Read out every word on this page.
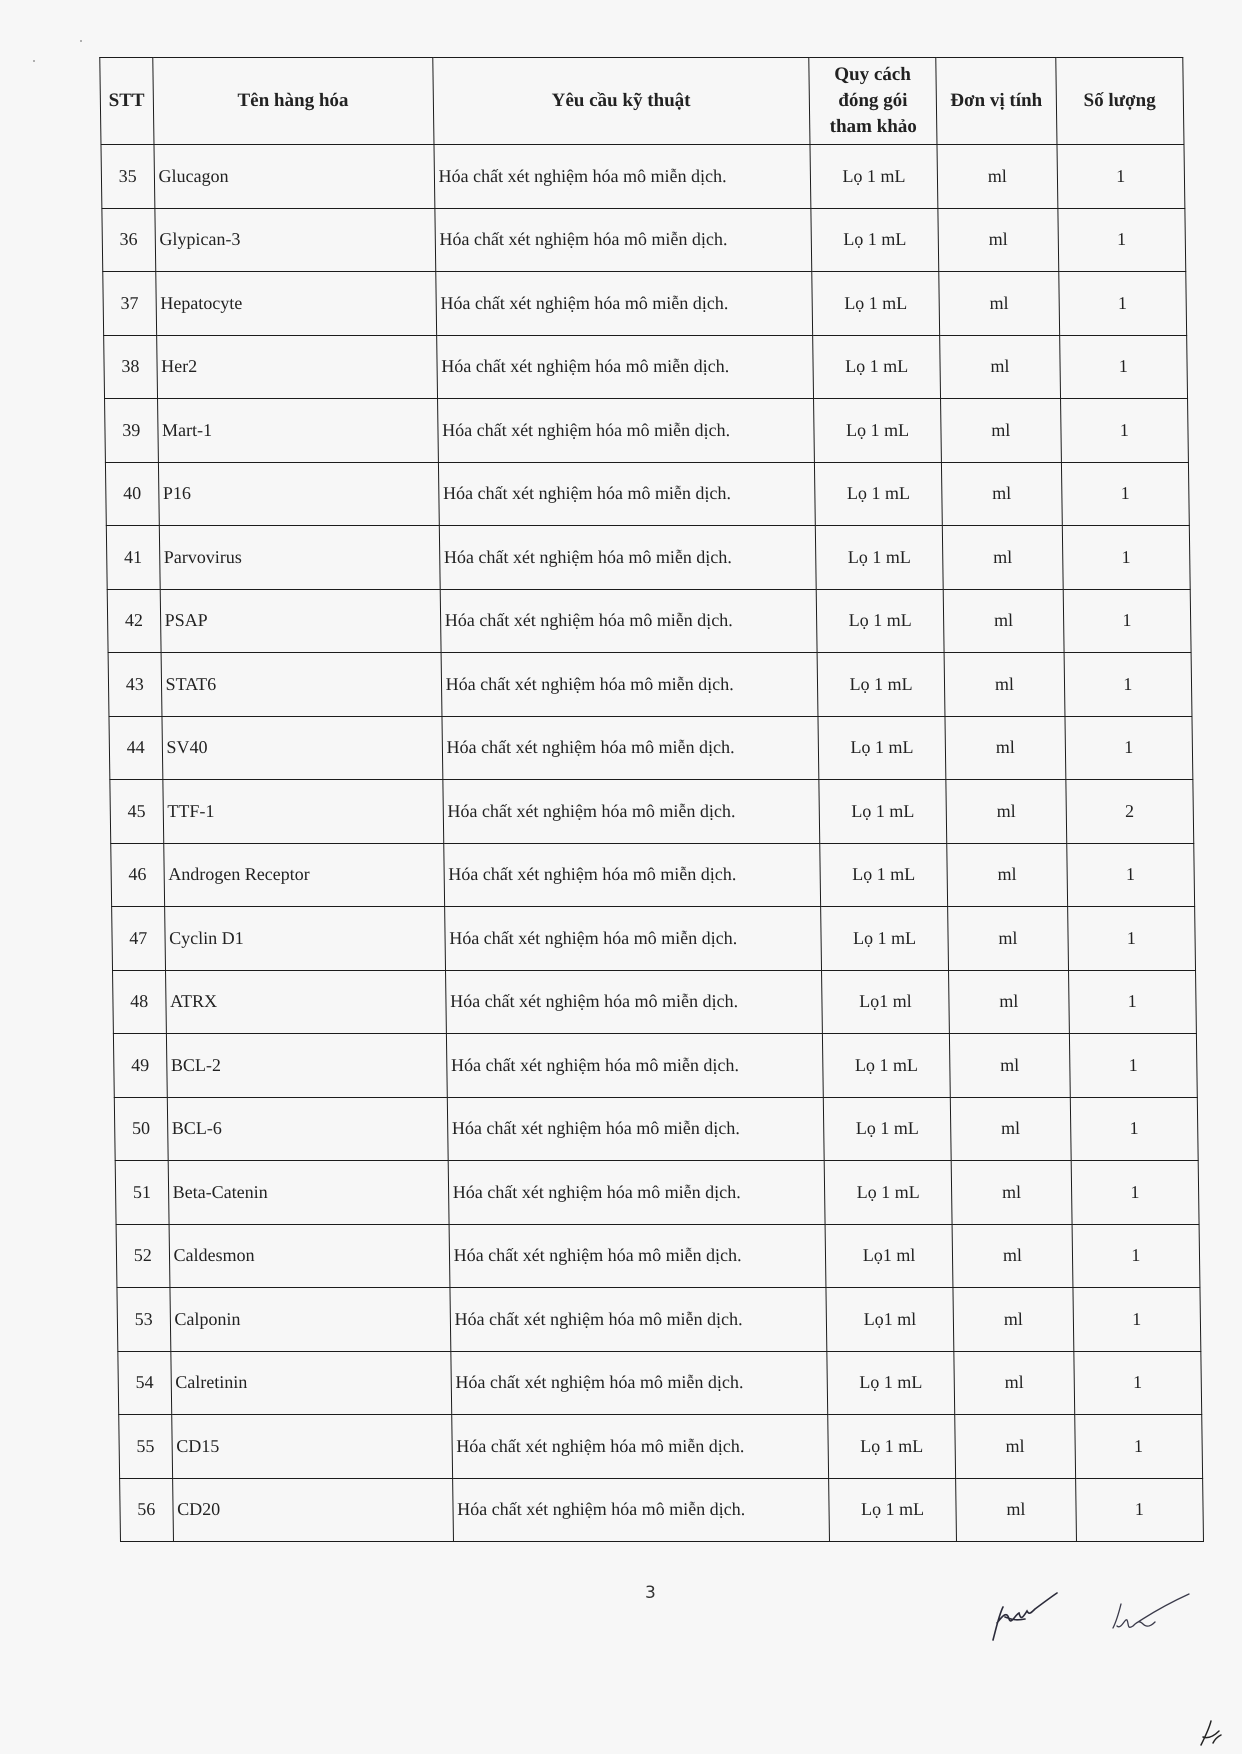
STT	Tên hàng hóa	Yêu cầu kỹ thuật	Quy cách
đóng gói
tham khảo	Đơn vị tính	Số lượng
35	Glucagon	Hóa chất xét nghiệm hóa mô miễn dịch.	Lọ 1 mL	ml	1
36	Glypican-3	Hóa chất xét nghiệm hóa mô miễn dịch.	Lọ 1 mL	ml	1
37	Hepatocyte	Hóa chất xét nghiệm hóa mô miễn dịch.	Lọ 1 mL	ml	1
38	Her2	Hóa chất xét nghiệm hóa mô miễn dịch.	Lọ 1 mL	ml	1
39	Mart-1	Hóa chất xét nghiệm hóa mô miễn dịch.	Lọ 1 mL	ml	1
40	P16	Hóa chất xét nghiệm hóa mô miễn dịch.	Lọ 1 mL	ml	1
41	Parvovirus	Hóa chất xét nghiệm hóa mô miễn dịch.	Lọ 1 mL	ml	1
42	PSAP	Hóa chất xét nghiệm hóa mô miễn dịch.	Lọ 1 mL	ml	1
43	STAT6	Hóa chất xét nghiệm hóa mô miễn dịch.	Lọ 1 mL	ml	1
44	SV40	Hóa chất xét nghiệm hóa mô miễn dịch.	Lọ 1 mL	ml	1
45	TTF-1	Hóa chất xét nghiệm hóa mô miễn dịch.	Lọ 1 mL	ml	2
46	Androgen Receptor	Hóa chất xét nghiệm hóa mô miễn dịch.	Lọ 1 mL	ml	1
47	Cyclin D1	Hóa chất xét nghiệm hóa mô miễn dịch.	Lọ 1 mL	ml	1
48	ATRX	Hóa chất xét nghiệm hóa mô miễn dịch.	Lọ1 ml	ml	1
49	BCL-2	Hóa chất xét nghiệm hóa mô miễn dịch.	Lọ 1 mL	ml	1
50	BCL-6	Hóa chất xét nghiệm hóa mô miễn dịch.	Lọ 1 mL	ml	1
51	Beta-Catenin	Hóa chất xét nghiệm hóa mô miễn dịch.	Lọ 1 mL	ml	1
52	Caldesmon	Hóa chất xét nghiệm hóa mô miễn dịch.	Lọ1 ml	ml	1
53	Calponin	Hóa chất xét nghiệm hóa mô miễn dịch.	Lọ1 ml	ml	1
54	Calretinin	Hóa chất xét nghiệm hóa mô miễn dịch.	Lọ 1 mL	ml	1
55	CD15	Hóa chất xét nghiệm hóa mô miễn dịch.	Lọ 1 mL	ml	1
56	CD20	Hóa chất xét nghiệm hóa mô miễn dịch.	Lọ 1 mL	ml	1
3
